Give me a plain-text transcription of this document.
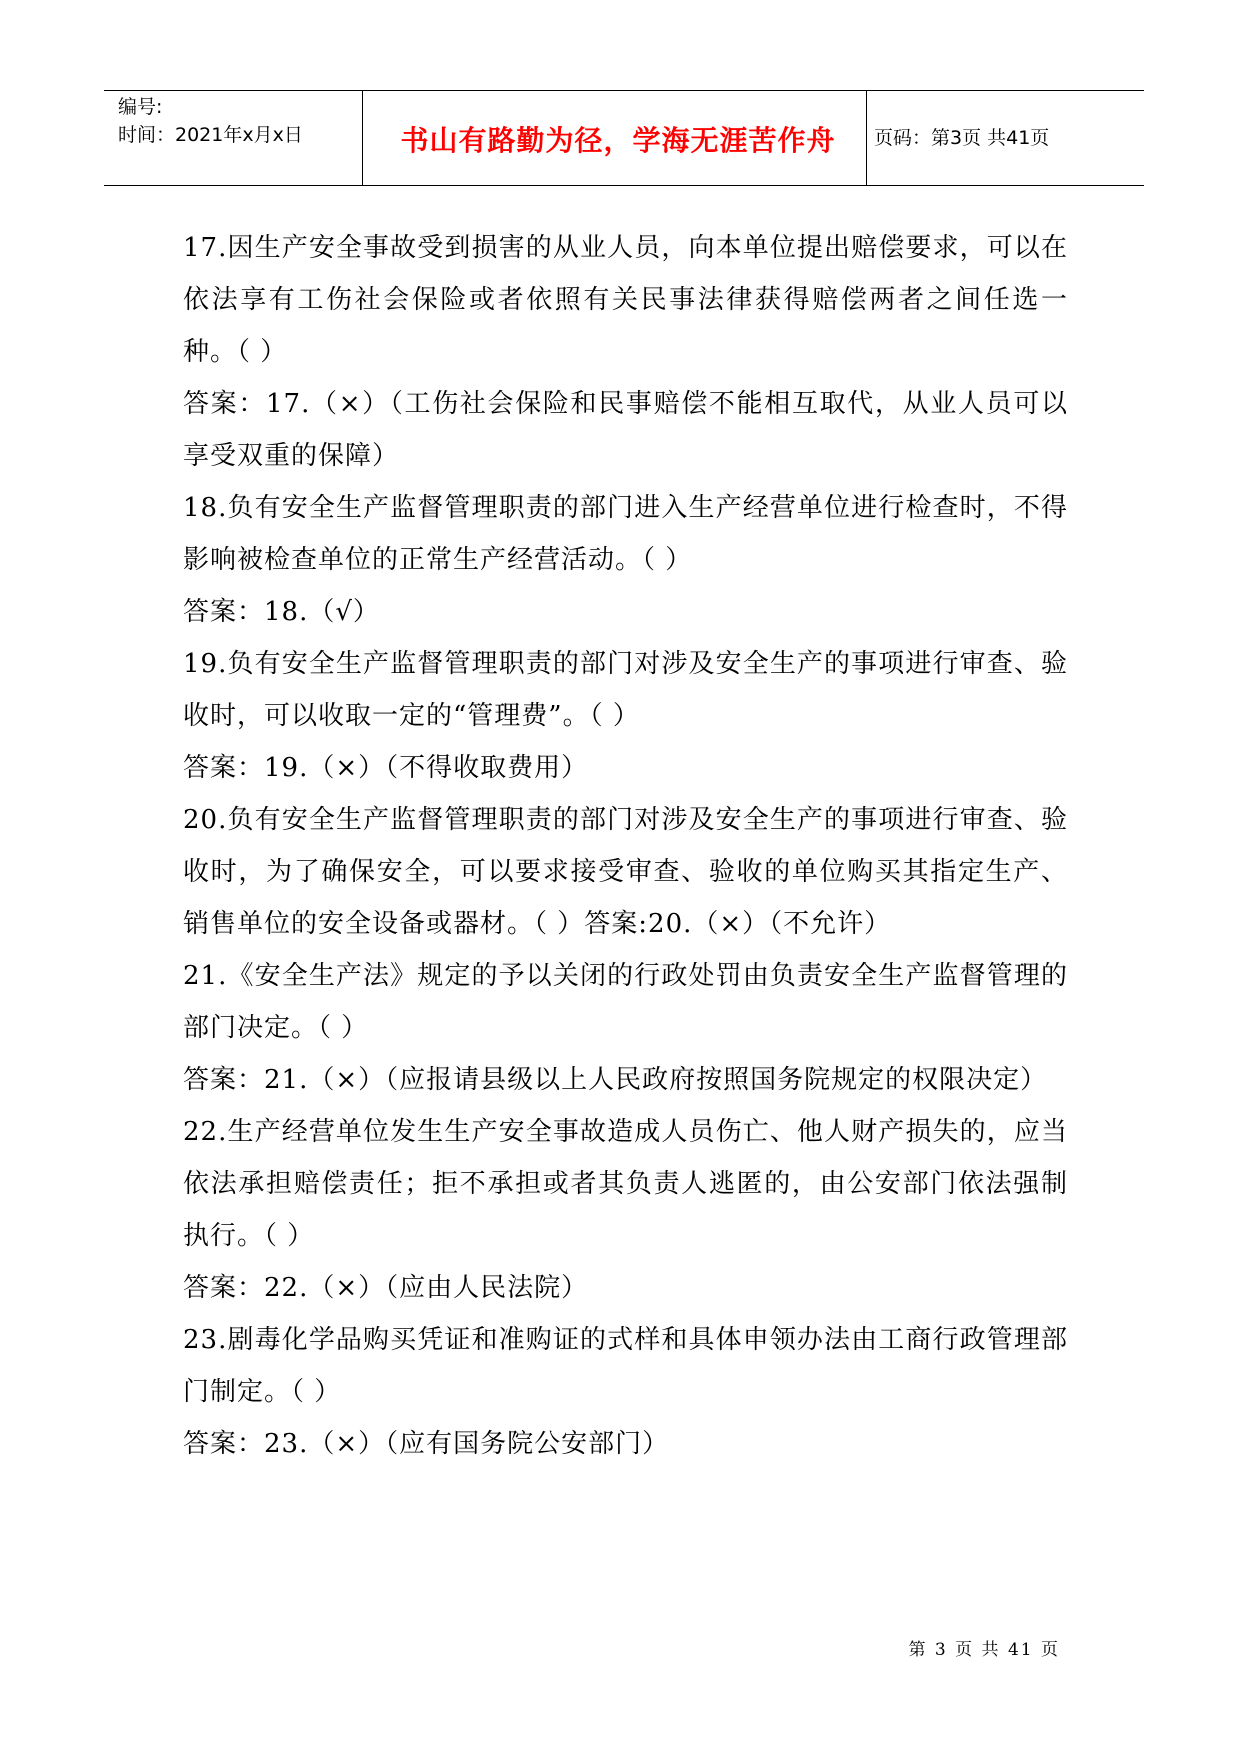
编号:
时间：2021年x月x日	书山有路勤为径，学海无涯苦作舟	页码：第3页 共41页

17.因生产安全事故受到损害的从业人员，向本单位提出赔偿要求，可以在依法享有工伤社会保险或者依照有关民事法律获得赔偿两者之间任选一种。（ ）

答案：17.（×）（工伤社会保险和民事赔偿不能相互取代，从业人员可以享受双重的保障）

18.负有安全生产监督管理职责的部门进入生产经营单位进行检查时，不得影响被检查单位的正常生产经营活动。（ ）

答案：18.（√）

19.负有安全生产监督管理职责的部门对涉及安全生产的事项进行审查、验收时，可以收取一定的“管理费”。（ ）

答案：19.（×）（不得收取费用）

20.负有安全生产监督管理职责的部门对涉及安全生产的事项进行审查、验收时，为了确保安全，可以要求接受审查、验收的单位购买其指定生产、销售单位的安全设备或器材。（ ）答案:20.（×）（不允许）

21.《安全生产法》规定的予以关闭的行政处罚由负责安全生产监督管理的部门决定。（ ）

答案：21.（×）（应报请县级以上人民政府按照国务院规定的权限决定）

22.生产经营单位发生生产安全事故造成人员伤亡、他人财产损失的，应当依法承担赔偿责任；拒不承担或者其负责人逃匿的，由公安部门依法强制执行。（ ）

答案：22.（×）（应由人民法院）

23.剧毒化学品购买凭证和准购证的式样和具体申领办法由工商行政管理部门制定。（ ）

答案：23.（×）（应有国务院公安部门）

第 3 页 共 41 页
